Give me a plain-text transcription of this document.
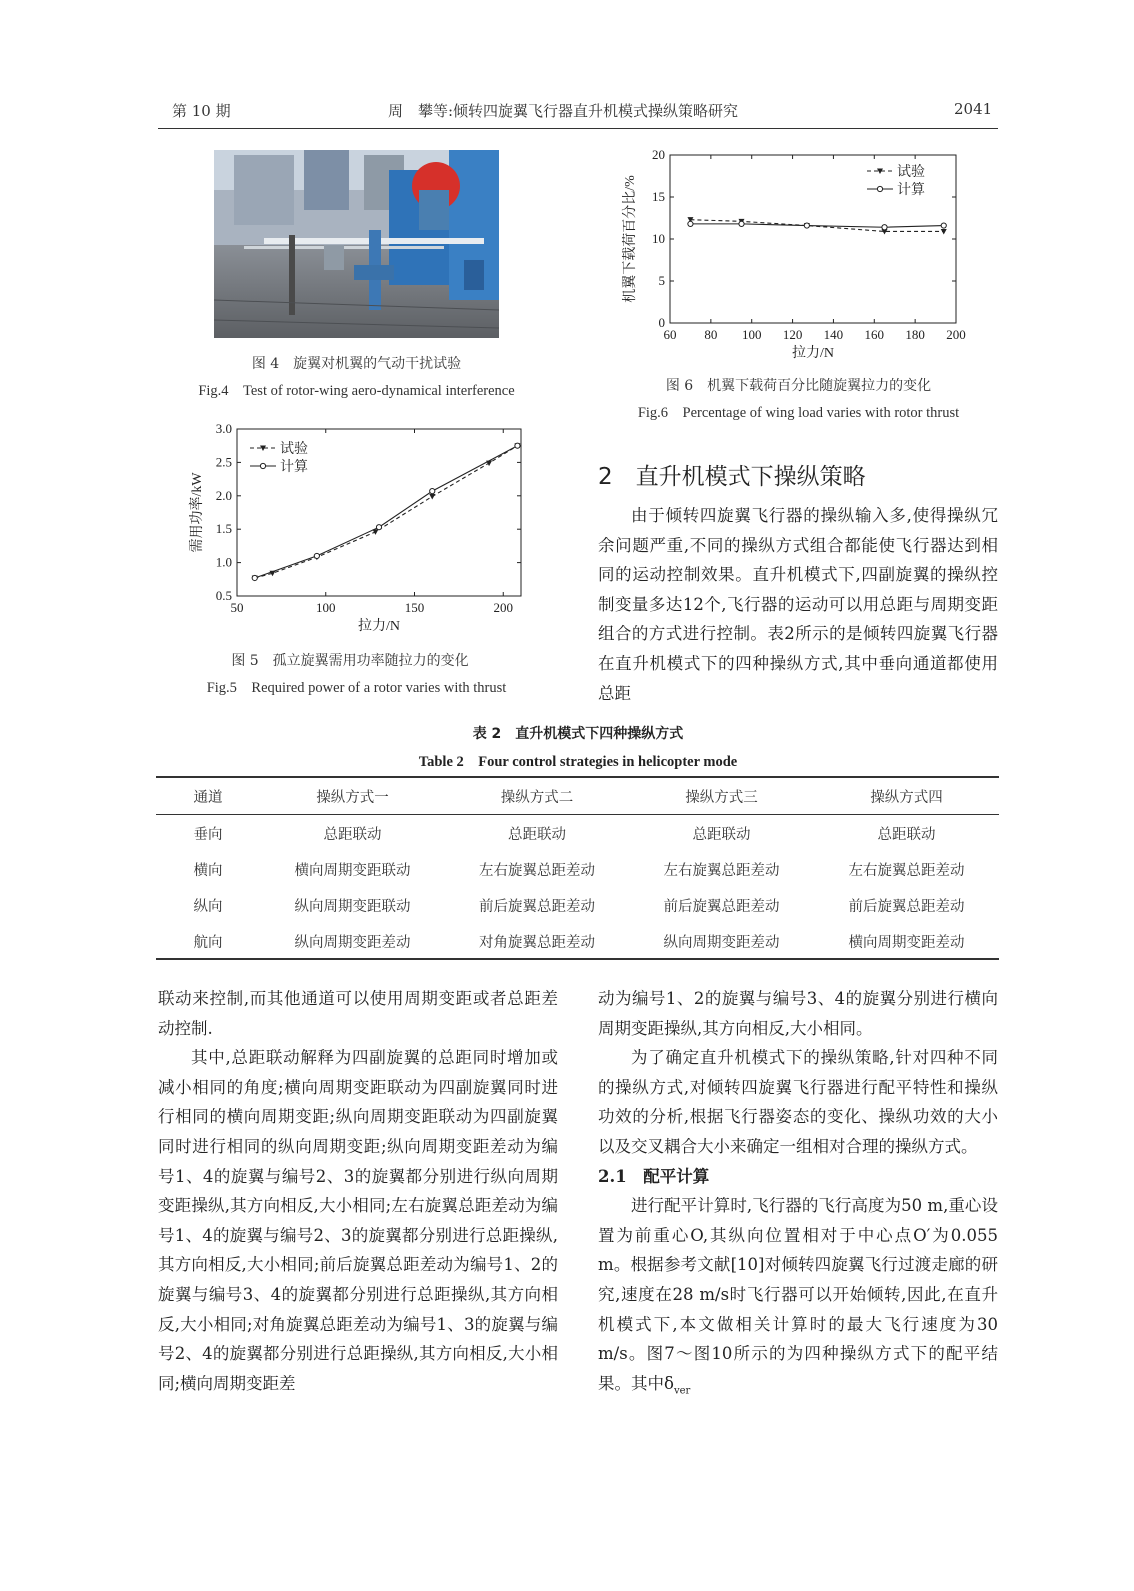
第 10 期	周　攀等:倾转四旋翼飞行器直升机模式操纵策略研究	2041
图 4　旋翼对机翼的气动干扰试验
Fig.4　Test of rotor-wing aero-dynamical interference
50	100	150	200
0.5
1.0
1.5
2.0
2.5
3.0
拉力/N
需用功率/kW
试验
计算
图 5　孤立旋翼需用功率随拉力的变化
Fig.5　Required power of a rotor varies with thrust
60 80 100 120 140 160 180 200
0
5
10
15
20
拉力/N
机翼下载荷百分比/%
试验
计算
图 6　机翼下载荷百分比随旋翼拉力的变化
Fig.6　Percentage of wing load varies with rotor thrust
2　直升机模式下操纵策略

由于倾转四旋翼飞行器的操纵输入多,使得操纵冗余问题严重,不同的操纵方式组合都能使飞行器达到相同的运动控制效果。直升机模式下,四副旋翼的操纵控制变量多达12个,飞行器的运动可以用总距与周期变距组合的方式进行控制。表2所示的是倾转四旋翼飞行器在直升机模式下的四种操纵方式,其中垂向通道都使用总距

表 2　直升机模式下四种操纵方式
Table 2　Four control strategies in helicopter mode
通道	操纵方式一	操纵方式二	操纵方式三	操纵方式四
垂向	总距联动	总距联动	总距联动	总距联动
横向	横向周期变距联动	左右旋翼总距差动	左右旋翼总距差动	左右旋翼总距差动
纵向	纵向周期变距联动	前后旋翼总距差动	前后旋翼总距差动	前后旋翼总距差动
航向	纵向周期变距差动	对角旋翼总距差动	纵向周期变距差动	横向周期变距差动

联动来控制,而其他通道可以使用周期变距或者总距差动控制.

其中,总距联动解释为四副旋翼的总距同时增加或减小相同的角度;横向周期变距联动为四副旋翼同时进行相同的横向周期变距;纵向周期变距联动为四副旋翼同时进行相同的纵向周期变距;纵向周期变距差动为编号1、4的旋翼与编号2、3的旋翼都分别进行纵向周期变距操纵,其方向相反,大小相同;左右旋翼总距差动为编号1、4的旋翼与编号2、3的旋翼都分别进行总距操纵,其方向相反,大小相同;前后旋翼总距差动为编号1、2的旋翼与编号3、4的旋翼都分别进行总距操纵,其方向相反,大小相同;对角旋翼总距差动为编号1、3的旋翼与编号2、4的旋翼都分别进行总距操纵,其方向相反,大小相同;横向周期变距差

动为编号1、2的旋翼与编号3、4的旋翼分别进行横向周期变距操纵,其方向相反,大小相同。

为了确定直升机模式下的操纵策略,针对四种不同的操纵方式,对倾转四旋翼飞行器进行配平特性和操纵功效的分析,根据飞行器姿态的变化、操纵功效的大小以及交叉耦合大小来确定一组相对合理的操纵方式。

2.1　配平计算

进行配平计算时,飞行器的飞行高度为50 m,重心设置为前重心O,其纵向位置相对于中心点O′为0.055 m。根据参考文献[10]对倾转四旋翼飞行过渡走廊的研究,速度在28 m/s时飞行器可以开始倾转,因此,在直升机模式下,本文做相关计算时的最大飞行速度为30 m/s。图7～图10所示的为四种操纵方式下的配平结果。其中$\delta_{ver}$
